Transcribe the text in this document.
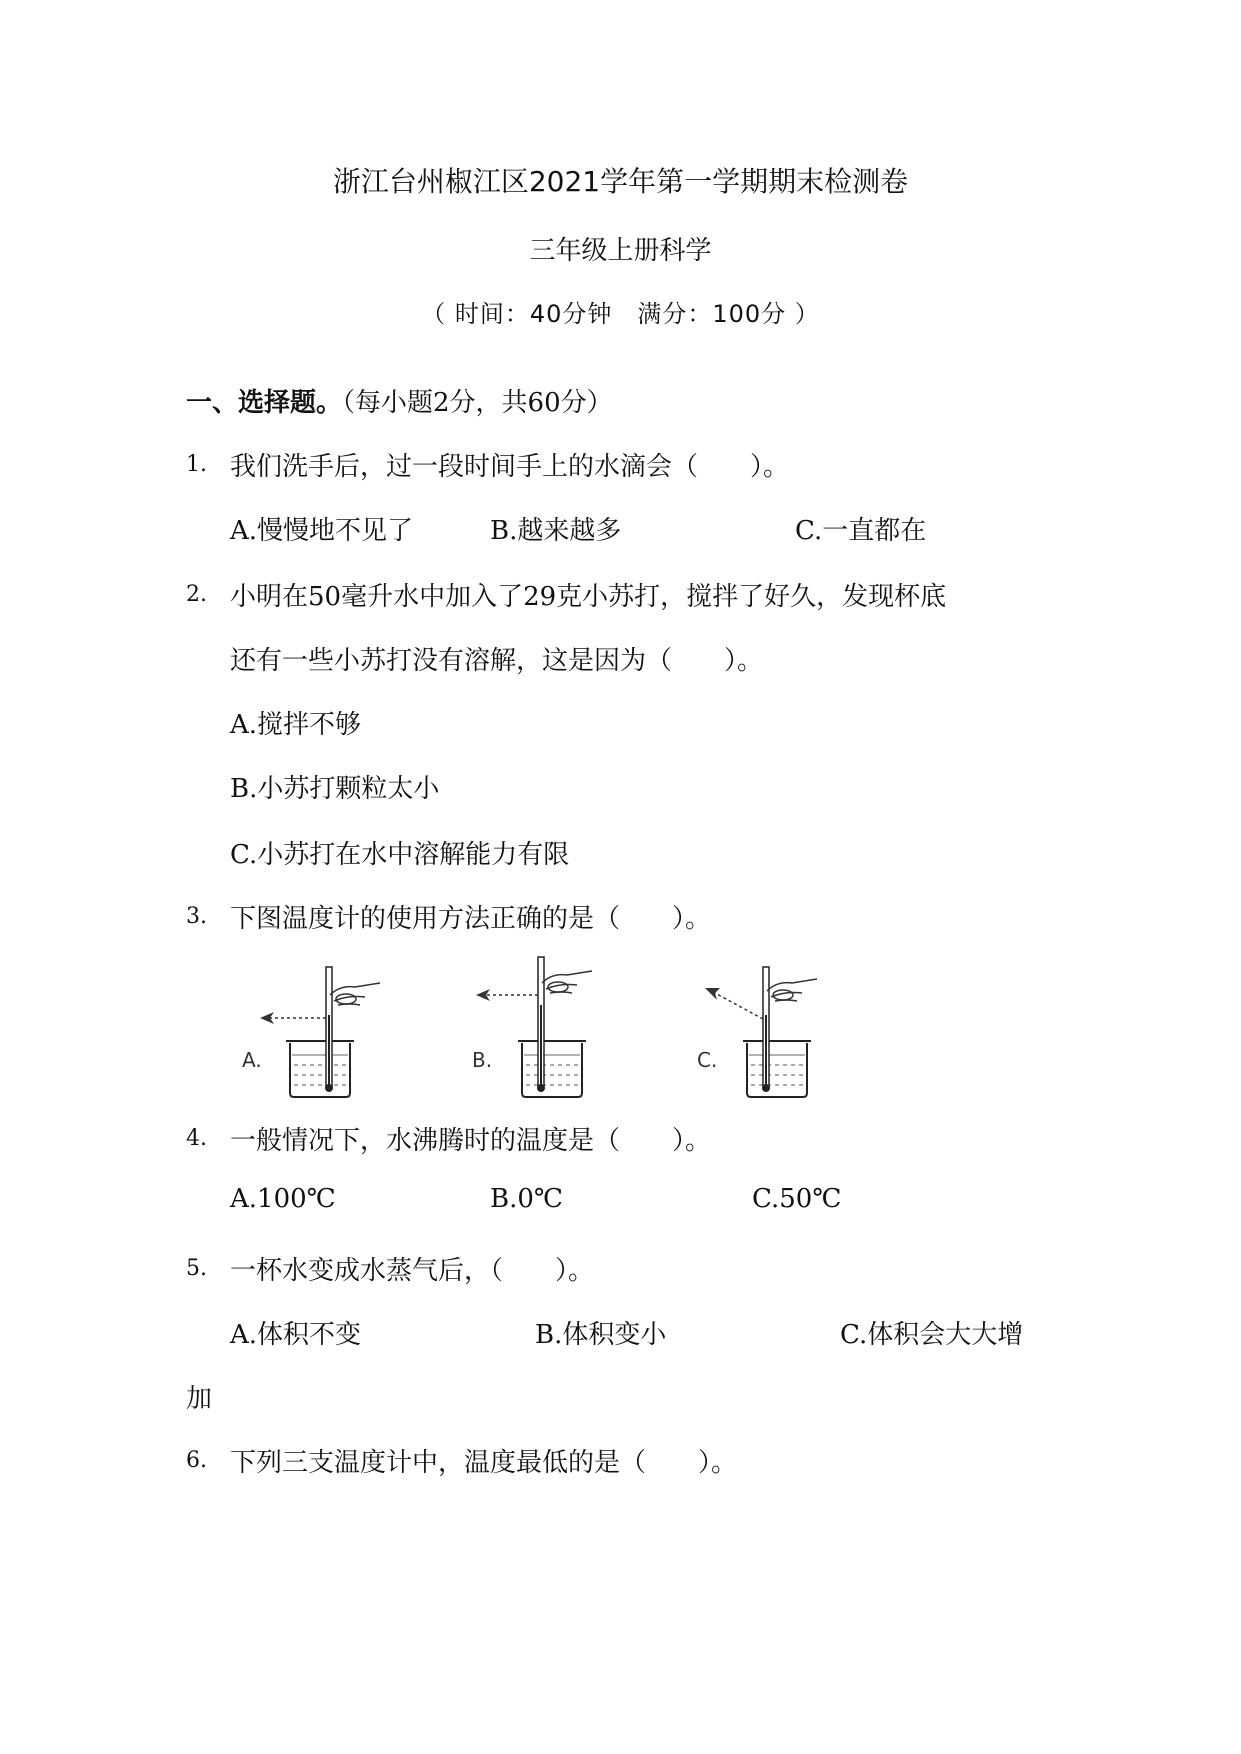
浙江台州椒江区2021学年第一学期期末检测卷
三年级上册科学
（ 时间：40分钟　满分：100分 ）
一、选择题。（每小题2分，共60分）
1. 我们洗手后，过一段时间手上的水滴会（　　）。
A.慢慢地不见了	B.越来越多	C.一直都在
2. 小明在50毫升水中加入了29克小苏打，搅拌了好久，发现杯底
还有一些小苏打没有溶解，这是因为（　　）。
A.搅拌不够
B.小苏打颗粒太小
C.小苏打在水中溶解能力有限
3. 下图温度计的使用方法正确的是（　　）。
A.	B.	C.
4. 一般情况下，水沸腾时的温度是（　　）。
A.100℃	B.0℃	C.50℃
5. 一杯水变成水蒸气后，（　　）。
A.体积不变	B.体积变小	C.体积会大大增
加
6. 下列三支温度计中，温度最低的是（　　）。
